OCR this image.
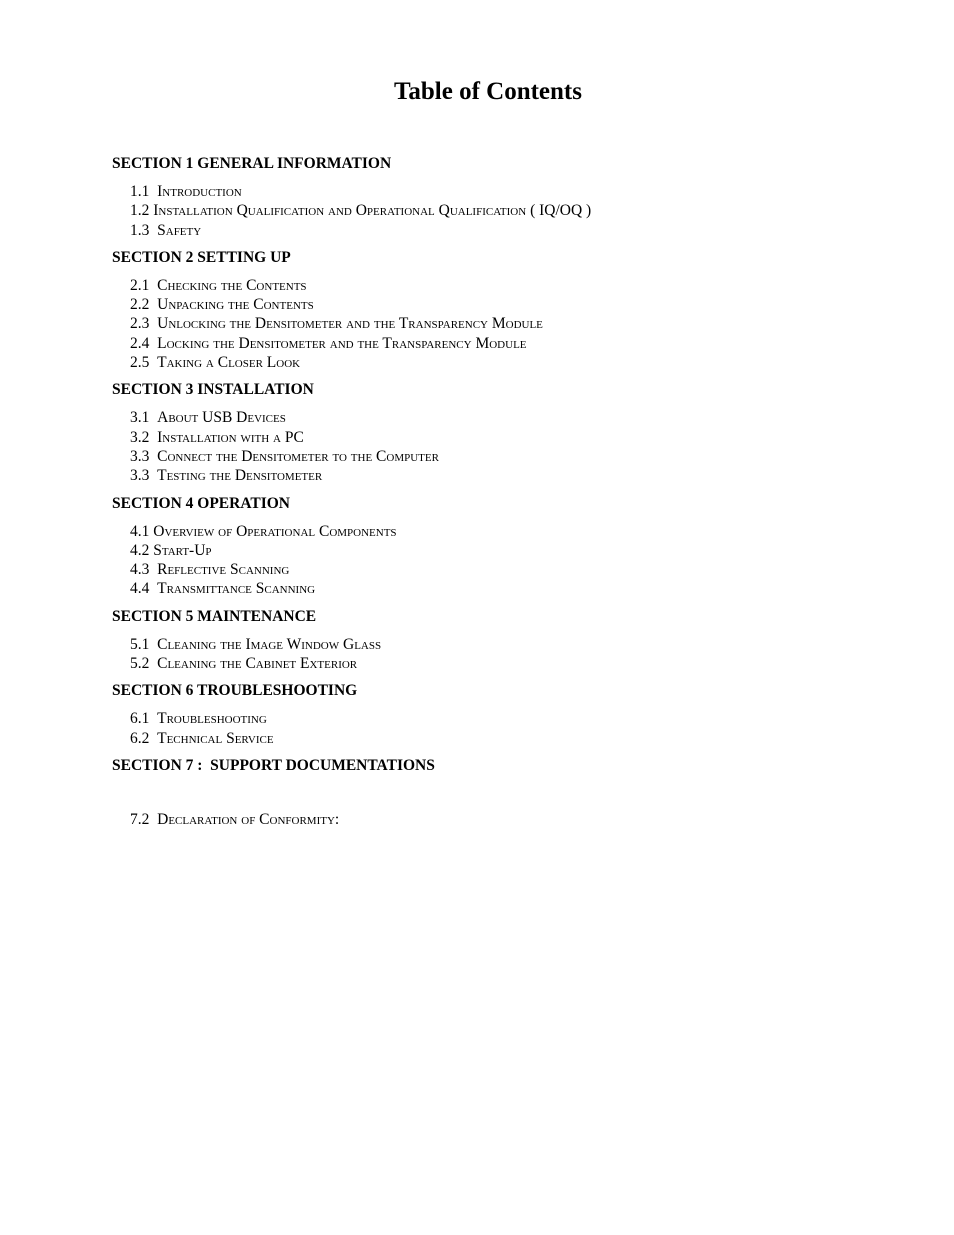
Table of Contents
SECTION 1 GENERAL INFORMATION
1.1  Introduction
1.2 Installation Qualification and Operational Qualification ( IQ/OQ )
1.3  Safety
SECTION 2 SETTING UP
2.1  Checking the Contents
2.2  Unpacking the Contents
2.3  Unlocking the Densitometer and the Transparency Module
2.4  Locking the Densitometer and the Transparency Module
2.5  Taking a Closer Look
SECTION 3 INSTALLATION
3.1  About USB Devices
3.2  Installation with a PC
3.3  Connect the Densitometer to the Computer
3.3  Testing the Densitometer
SECTION 4 OPERATION
4.1 Overview of Operational Components
4.2 Start-Up
4.3  Reflective Scanning
4.4  Transmittance Scanning
SECTION 5 MAINTENANCE
5.1  Cleaning the Image Window Glass
5.2  Cleaning the Cabinet Exterior
SECTION 6 TROUBLESHOOTING
6.1  Troubleshooting
6.2  Technical Service
SECTION 7 :  SUPPORT DOCUMENTATIONS
7.2  Declaration of Conformity:
